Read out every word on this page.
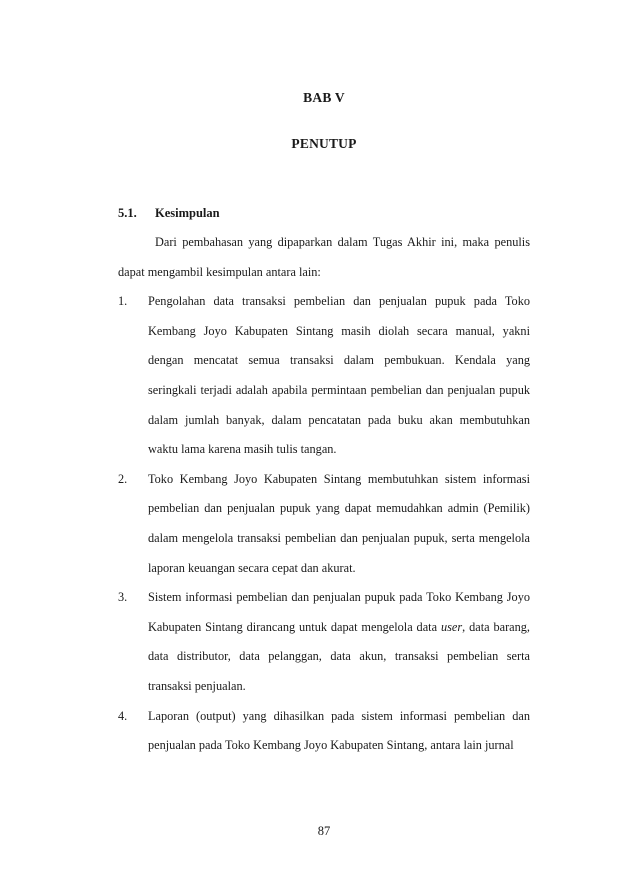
BAB V
PENUTUP
5.1. Kesimpulan

Dari pembahasan yang dipaparkan dalam Tugas Akhir ini, maka penulis dapat mengambil kesimpulan antara lain:

1. Pengolahan data transaksi pembelian dan penjualan pupuk pada Toko Kembang Joyo Kabupaten Sintang masih diolah secara manual, yakni dengan mencatat semua transaksi dalam pembukuan. Kendala yang seringkali terjadi adalah apabila permintaan pembelian dan penjualan pupuk dalam jumlah banyak, dalam pencatatan pada buku akan membutuhkan waktu lama karena masih tulis tangan.
2. Toko Kembang Joyo Kabupaten Sintang membutuhkan sistem informasi pembelian dan penjualan pupuk yang dapat memudahkan admin (Pemilik) dalam mengelola transaksi pembelian dan penjualan pupuk, serta mengelola laporan keuangan secara cepat dan akurat.
3. Sistem informasi pembelian dan penjualan pupuk pada Toko Kembang Joyo Kabupaten Sintang dirancang untuk dapat mengelola data user, data barang, data distributor, data pelanggan, data akun, transaksi pembelian serta transaksi penjualan.
4. Laporan (output) yang dihasilkan pada sistem informasi pembelian dan penjualan pada Toko Kembang Joyo Kabupaten Sintang, antara lain jurnal
87
